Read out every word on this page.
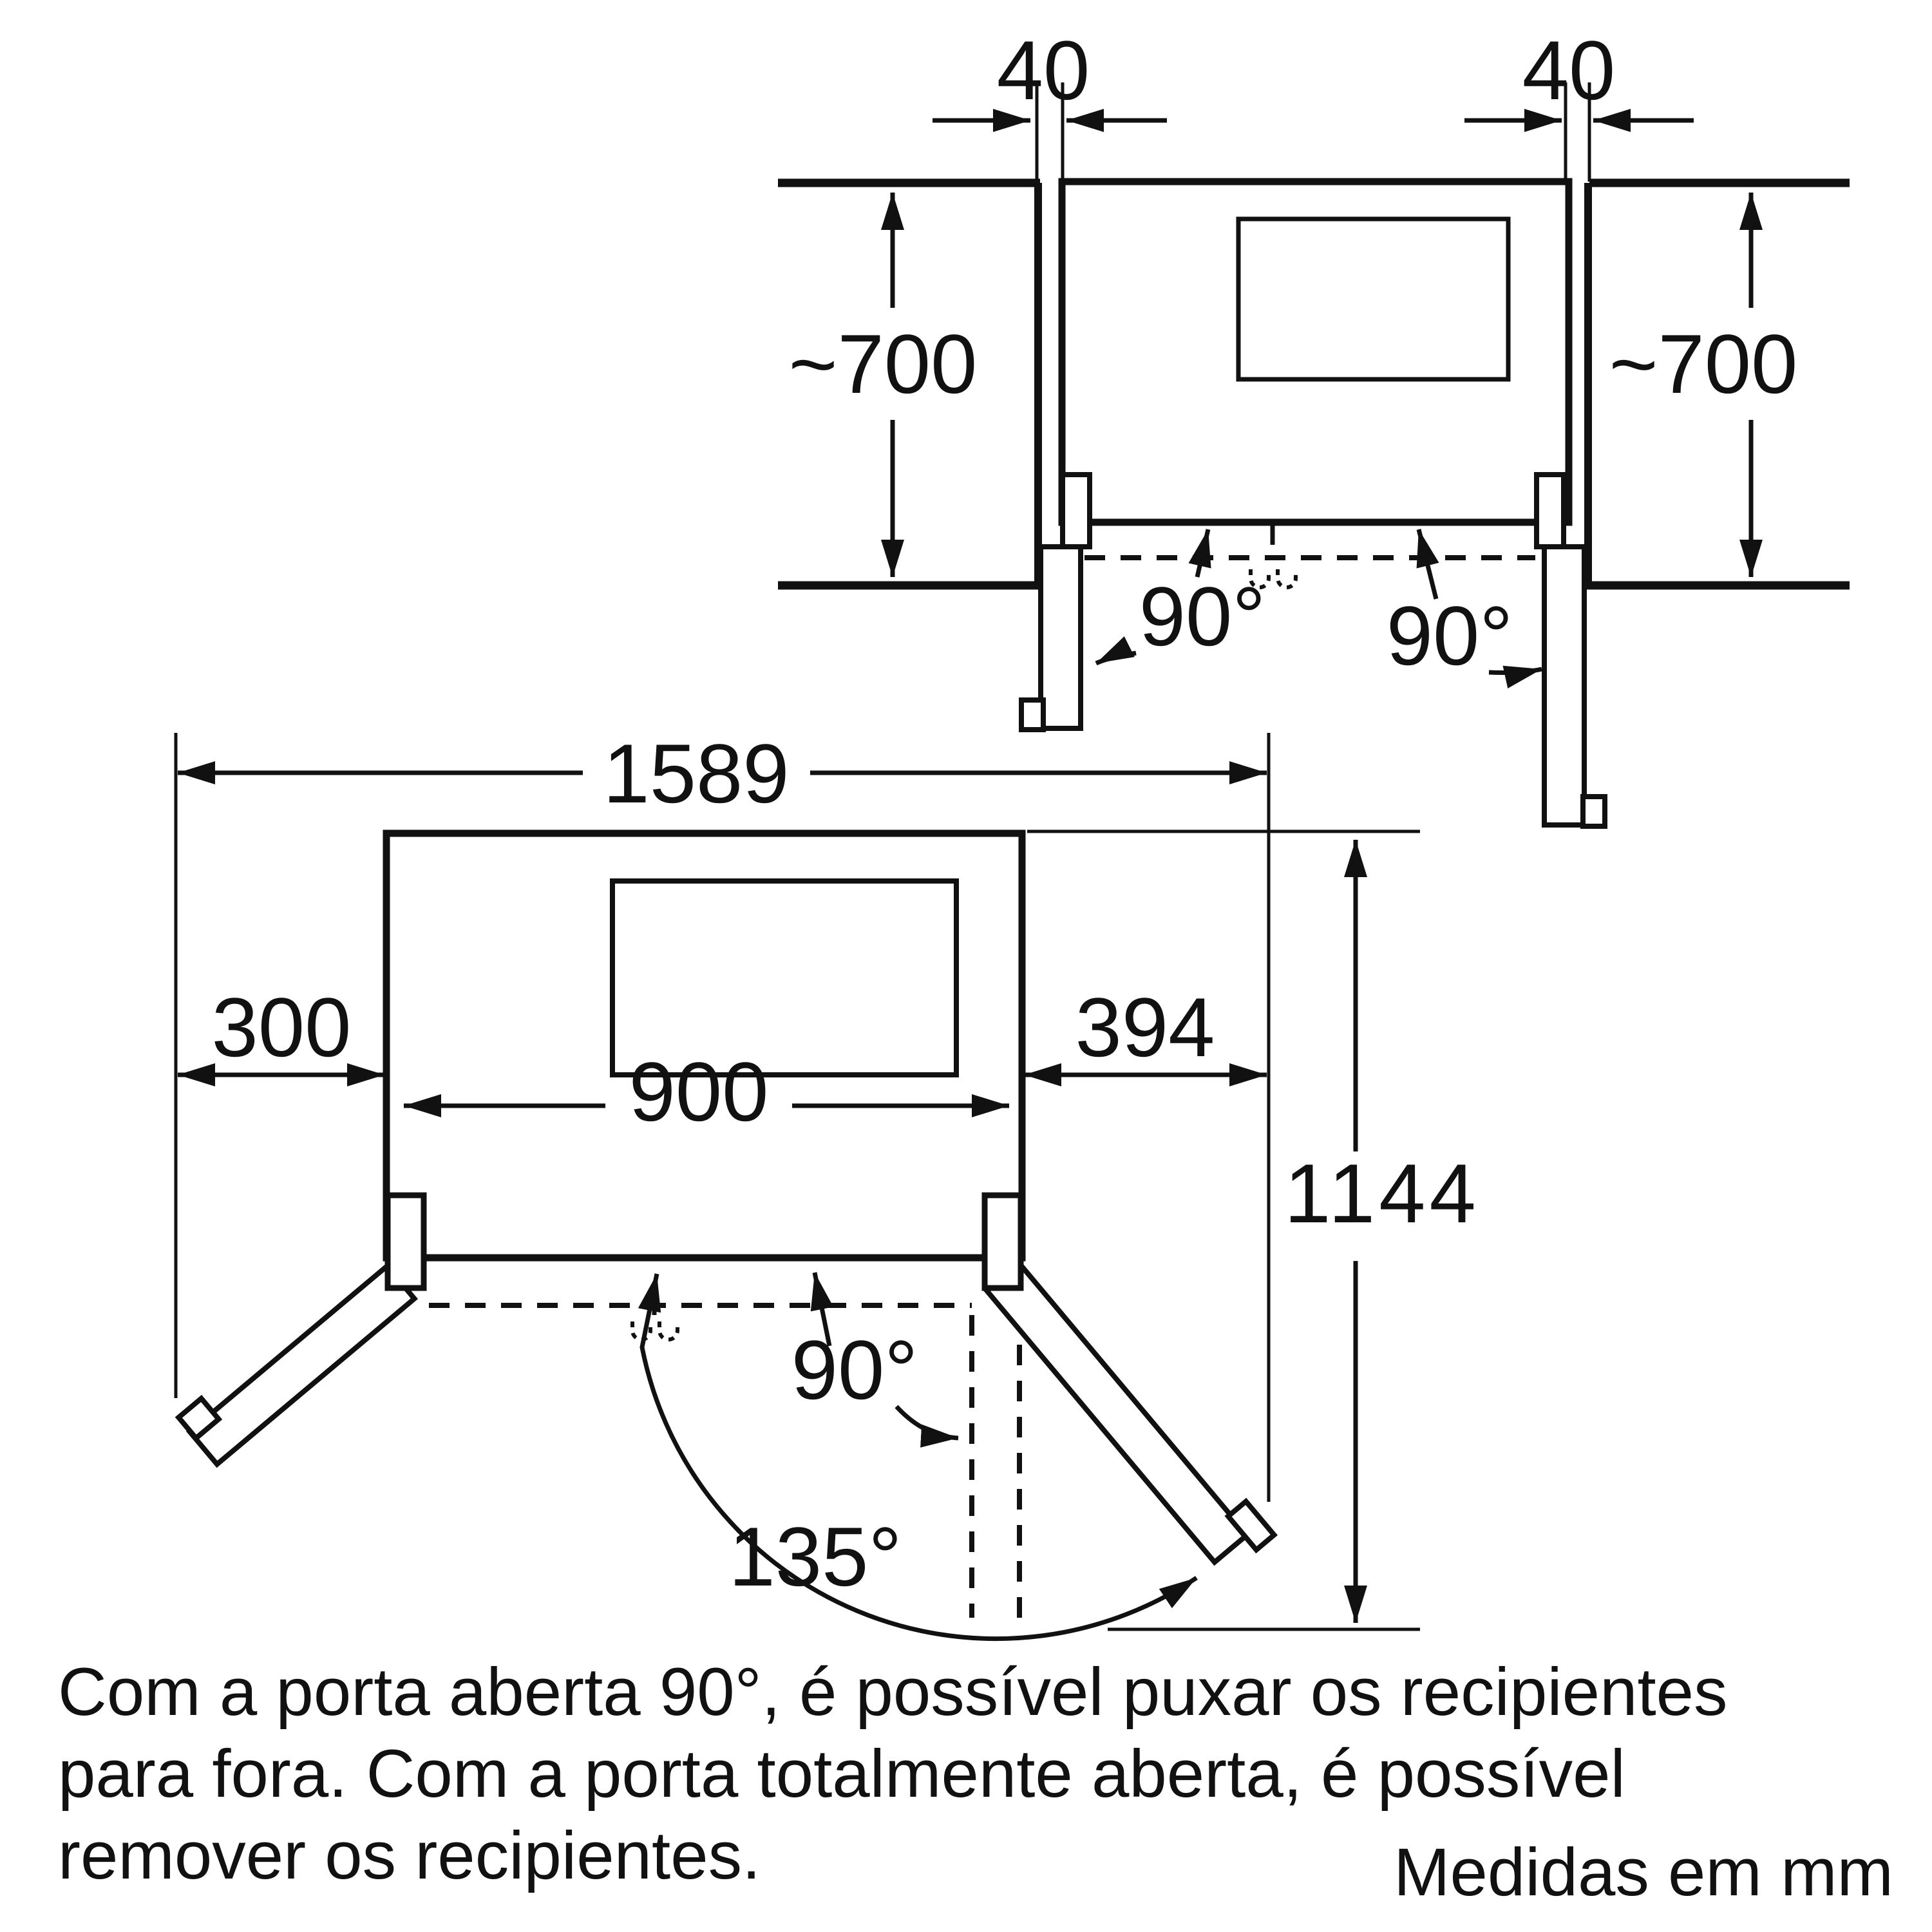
40	40
~700	~700
90° 90°
1589
135°
90°
300	394
900
1144
Com a porta aberta 90°, é possível puxar os recipientes
para fora. Com a porta totalmente aberta, é possível
remover os recipientes.	Medidas em mm
